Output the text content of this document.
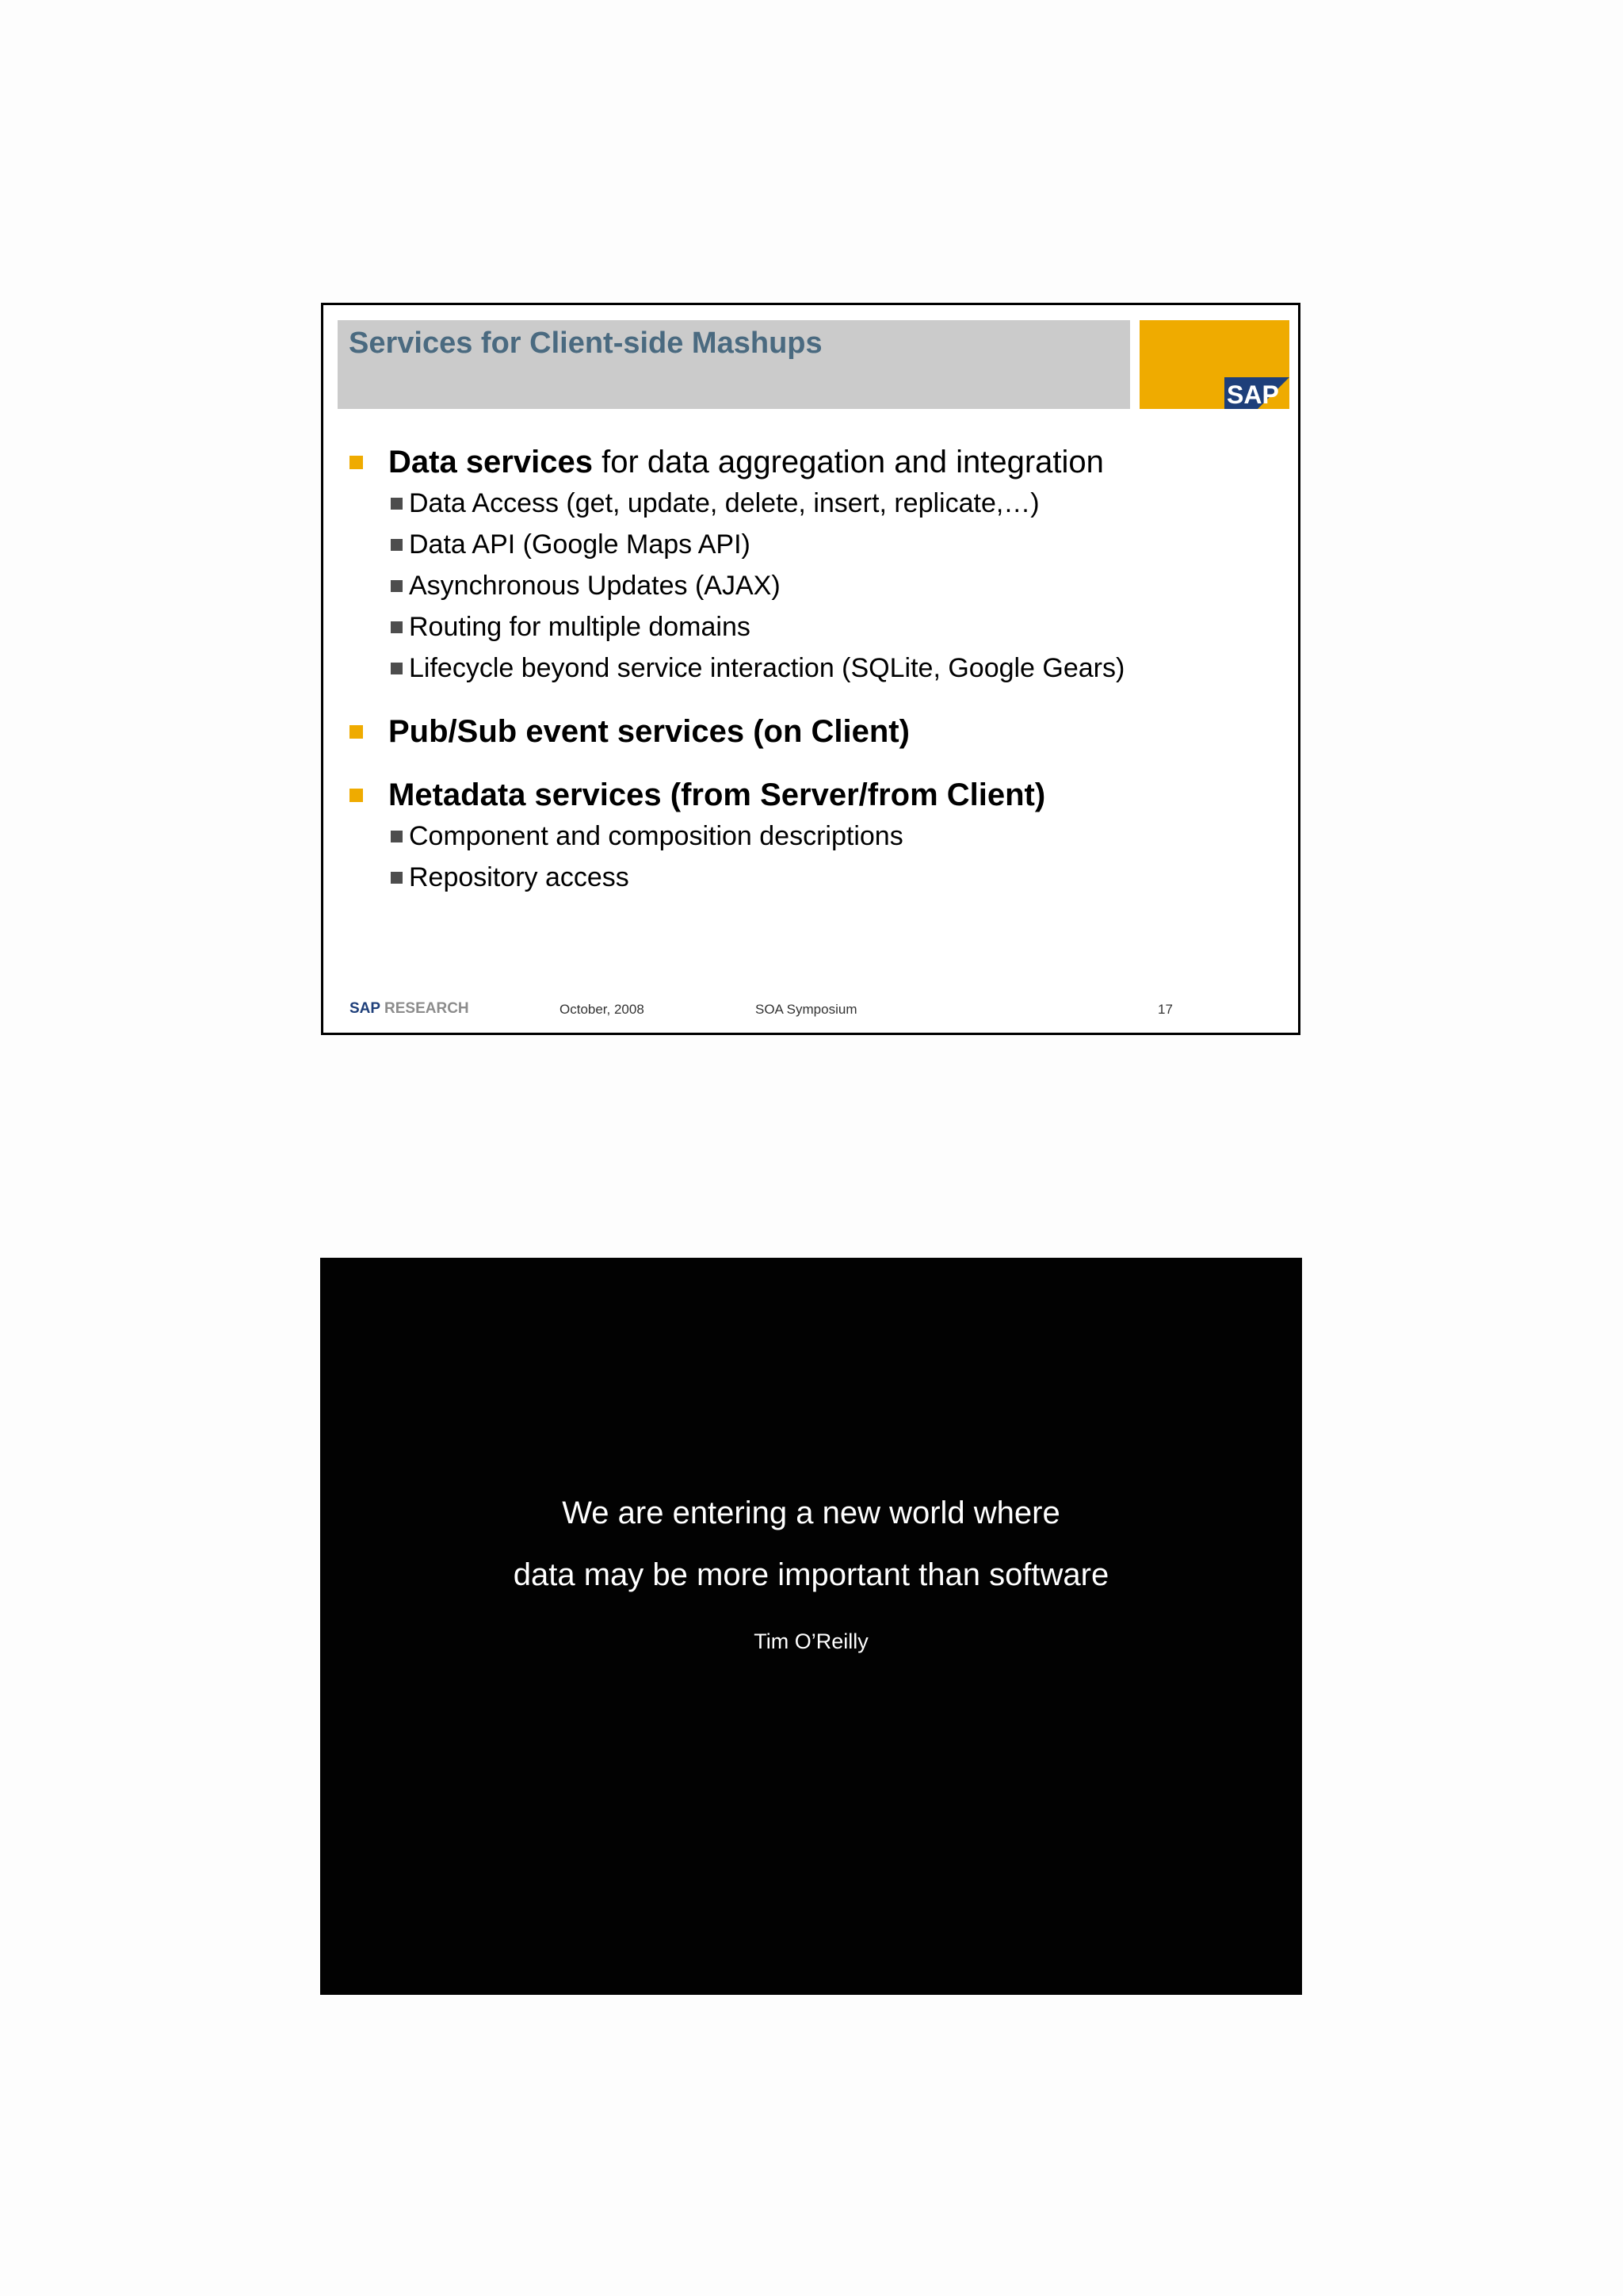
Services for Client-side Mashups
SAP
Data services for data aggregation and integration
Data Access (get, update, delete, insert, replicate,…)
Data API (Google Maps API)
Asynchronous Updates (AJAX)
Routing for multiple domains
Lifecycle beyond service interaction (SQLite, Google Gears)
Pub/Sub event services (on Client)
Metadata services (from Server/from Client)
Component and composition descriptions
Repository access
SAP RESEARCH	October, 2008	SOA Symposium	17
We are entering a new world where
data may be more important than software
Tim O’Reilly
